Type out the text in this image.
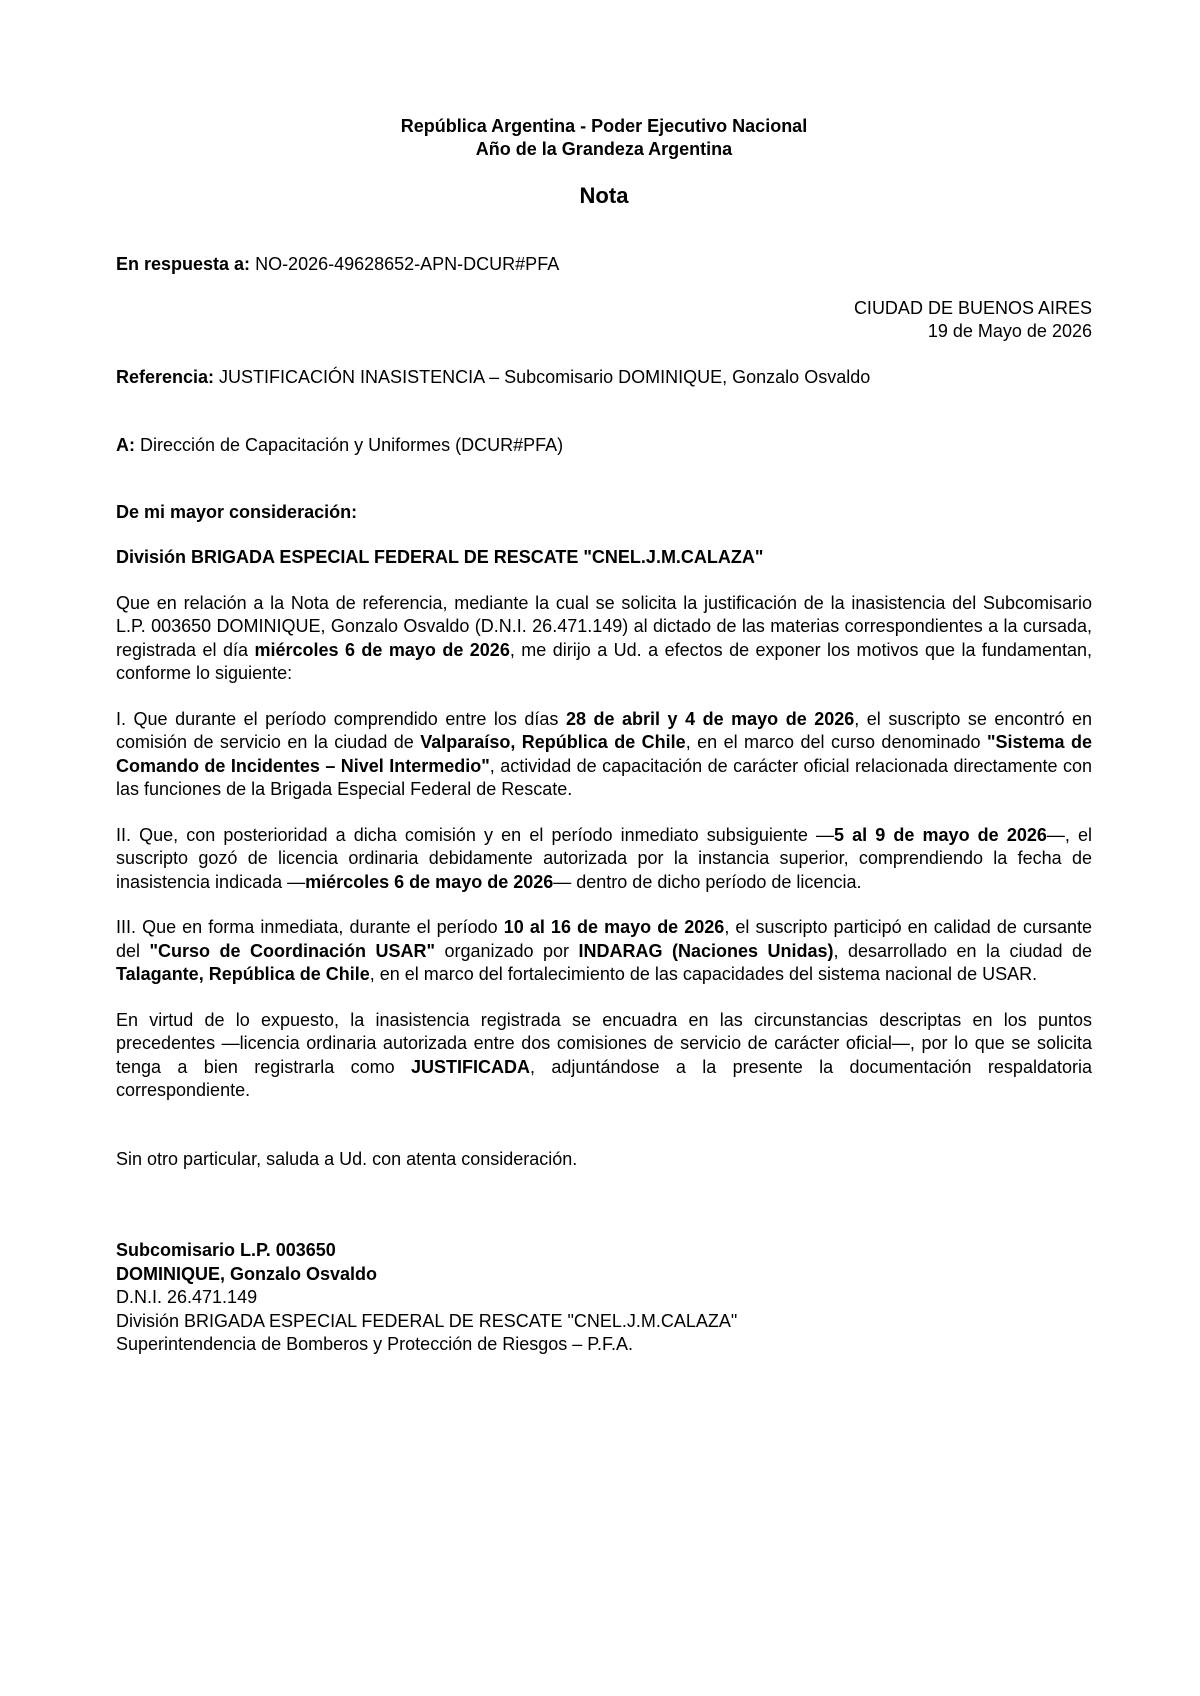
República Argentina - Poder Ejecutivo Nacional
Año de la Grandeza Argentina
Nota
En respuesta a: NO-2026-49628652-APN-DCUR#PFA
CIUDAD DE BUENOS AIRES
19 de Mayo de 2026
Referencia: JUSTIFICACIÓN INASISTENCIA – Subcomisario DOMINIQUE, Gonzalo Osvaldo
A: Dirección de Capacitación y Uniformes (DCUR#PFA)
De mi mayor consideración:
División BRIGADA ESPECIAL FEDERAL DE RESCATE "CNEL.J.M.CALAZA"
Que en relación a la Nota de referencia, mediante la cual se solicita la justificación de la inasistencia del Subcomisario L.P. 003650 DOMINIQUE, Gonzalo Osvaldo (D.N.I. 26.471.149) al dictado de las materias correspondientes a la cursada, registrada el día miércoles 6 de mayo de 2026, me dirijo a Ud. a efectos de exponer los motivos que la fundamentan, conforme lo siguiente:
I. Que durante el período comprendido entre los días 28 de abril y 4 de mayo de 2026, el suscripto se encontró en comisión de servicio en la ciudad de Valparaíso, República de Chile, en el marco del curso denominado "Sistema de Comando de Incidentes – Nivel Intermedio", actividad de capacitación de carácter oficial relacionada directamente con las funciones de la Brigada Especial Federal de Rescate.
II. Que, con posterioridad a dicha comisión y en el período inmediato subsiguiente —5 al 9 de mayo de 2026—, el suscripto gozó de licencia ordinaria debidamente autorizada por la instancia superior, comprendiendo la fecha de inasistencia indicada —miércoles 6 de mayo de 2026— dentro de dicho período de licencia.
III. Que en forma inmediata, durante el período 10 al 16 de mayo de 2026, el suscripto participó en calidad de cursante del "Curso de Coordinación USAR" organizado por INDARAG (Naciones Unidas), desarrollado en la ciudad de Talagante, República de Chile, en el marco del fortalecimiento de las capacidades del sistema nacional de USAR.
En virtud de lo expuesto, la inasistencia registrada se encuadra en las circunstancias descriptas en los puntos precedentes —licencia ordinaria autorizada entre dos comisiones de servicio de carácter oficial—, por lo que se solicita tenga a bien registrarla como JUSTIFICADA, adjuntándose a la presente la documentación respaldatoria correspondiente.
Sin otro particular, saluda a Ud. con atenta consideración.
Subcomisario L.P. 003650
DOMINIQUE, Gonzalo Osvaldo
D.N.I. 26.471.149
División BRIGADA ESPECIAL FEDERAL DE RESCATE "CNEL.J.M.CALAZA"
Superintendencia de Bomberos y Protección de Riesgos – P.F.A.
